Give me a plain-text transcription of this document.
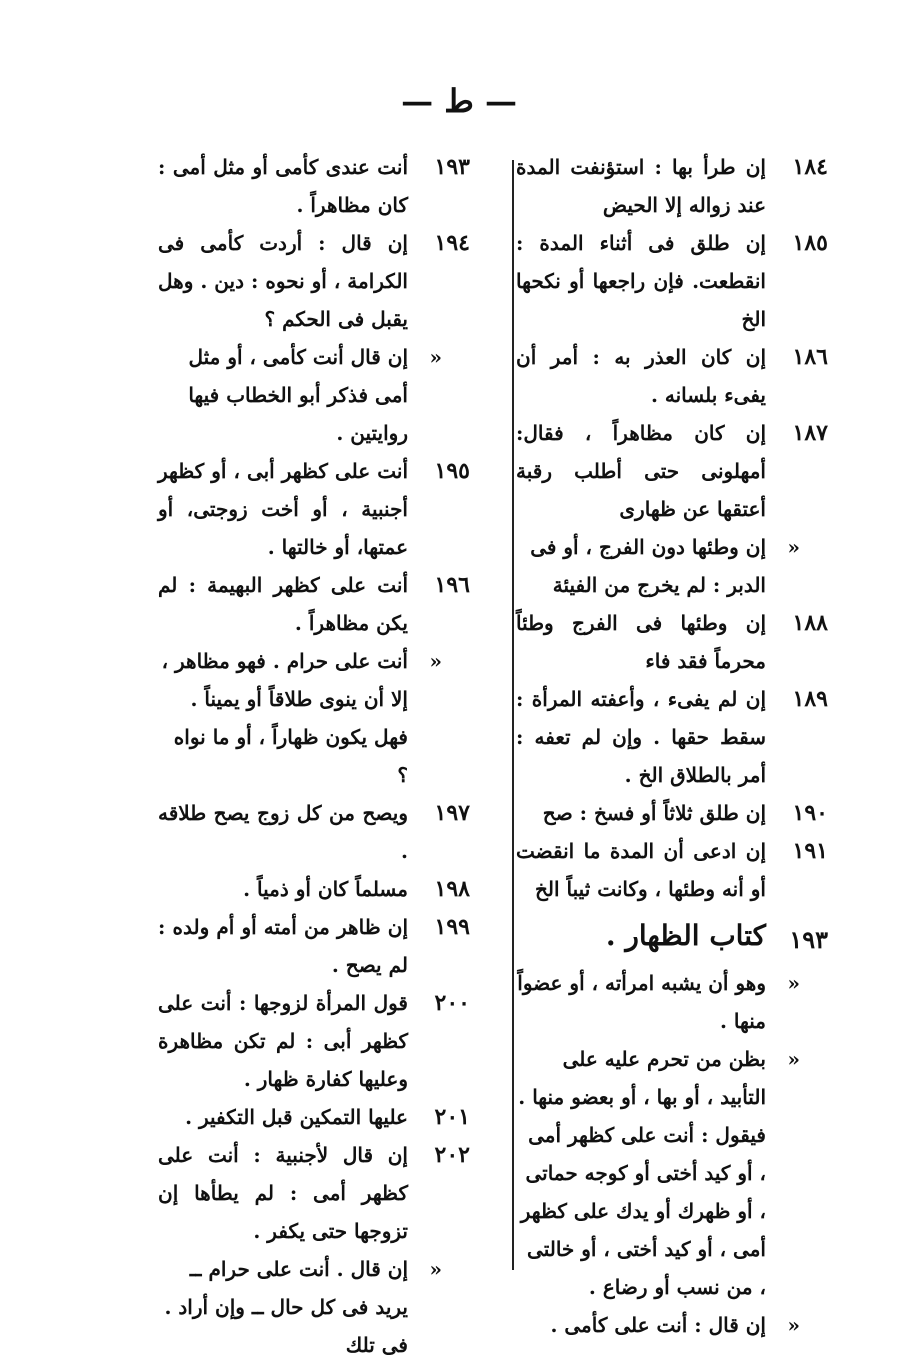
— ط —
١٨٤
إن طرأ بها : استؤنفت المدة عند زواله إلا الحيض
١٨٥
إن طلق فى أثناء المدة : انقطعت. فإن راجعها أو نكحها الخ
١٨٦
إن كان العذر به : أمر أن يفىء بلسانه .
١٨٧
إن كان مظاهراً ، فقال: أمهلونى حتى أطلب رقبة أعتقها عن ظهارى
«
إن وطئها دون الفرج ، أو فى الدبر : لم يخرج من الفيئة
١٨٨
إن وطئها فى الفرج وطئاً محرماً فقد فاء
١٨٩
إن لم يفىء ، وأعفته المرأة : سقط حقها . وإن لم تعفه : أمر بالطلاق الخ .
١٩٠
إن طلق ثلاثاً أو فسخ : صح
١٩١
إن ادعى أن المدة ما انقضت أو أنه وطئها ، وكانت ثيباً الخ
١٩٣
كتاب الظهار .
«
وهو أن يشبه امرأته ، أو عضواً منها .
«
بظن من تحرم عليه على التأبيد ، أو بها ، أو بعضو منها . فيقول : أنت على كظهر أمى ، أو كيد أختى أو كوجه حماتى ، أو ظهرك أو يدك على كظهر أمى ، أو كيد أختى ، أو خالتى ، من نسب أو رضاع .
«
إن قال : أنت على كأمى .
١٩٣
أنت عندى كأمى أو مثل أمى : كان مظاهراً .
١٩٤
إن قال : أردت كأمى فى الكرامة ، أو نحوه : دين . وهل يقبل فى الحكم ؟
«
إن قال أنت كأمى ، أو مثل أمى فذكر أبو الخطاب فيها روايتين .
١٩٥
أنت على كظهر أبى ، أو كظهر أجنبية ، أو أخت زوجتى، أو عمتها، أو خالتها .
١٩٦
أنت على كظهر البهيمة : لم يكن مظاهراً .
«
أنت على حرام . فهو مظاهر ، إلا أن ينوى طلاقاً أو يميناً . فهل يكون ظهاراً ، أو ما نواه ؟
١٩٧
ويصح من كل زوج يصح طلاقه .
١٩٨
مسلماً كان أو ذمياً .
١٩٩
إن ظاهر من أمته أو أم ولده : لم يصح .
٢٠٠
قول المرأة لزوجها : أنت على كظهر أبى : لم تكن مظاهرة وعليها كفارة ظهار .
٢٠١
عليها التمكين قبل التكفير .
٢٠٢
إن قال لأجنبية : أنت على كظهر أمى : لم يطأها إن تزوجها حتى يكفر .
«
إن قال . أنت على حرام ــ يريد فى كل حال ــ وإن أراد . فى تلك
